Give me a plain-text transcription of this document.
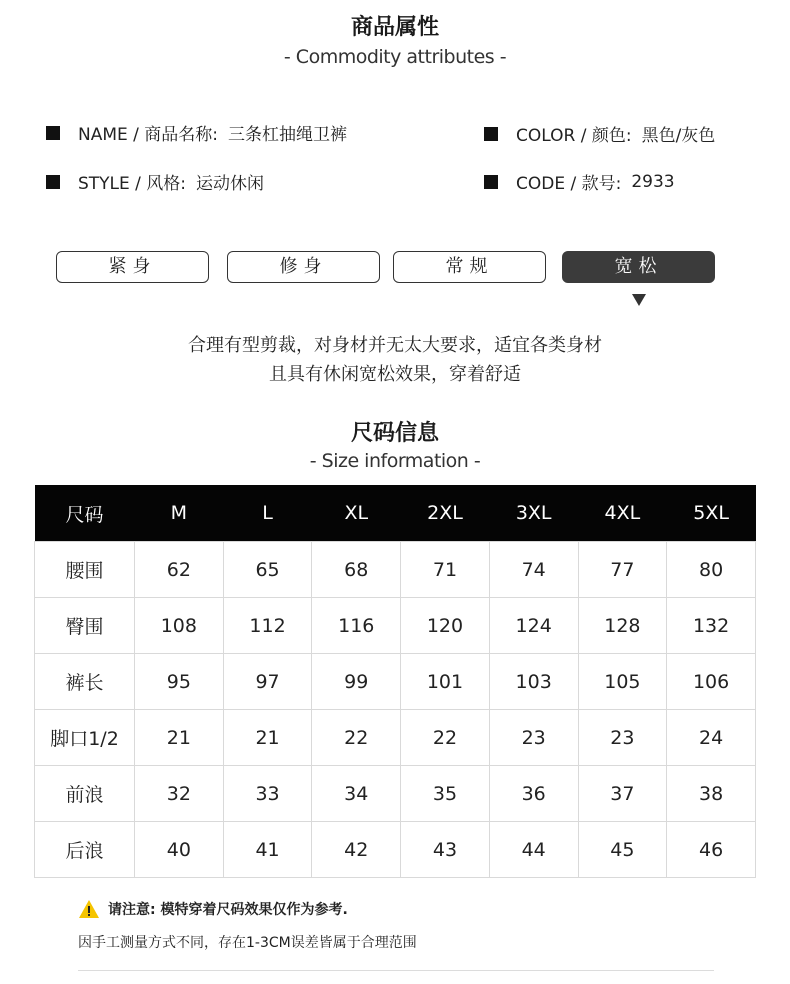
商品属性
- Commodity attributes -
NAME / 商品名称: 三条杠抽绳卫裤	COLOR / 颜色: 黑色/灰色
STYLE / 风格: 运动休闲	CODE / 款号: 2933
紧身	修身	常规	宽松
合理有型剪裁，对身材并无太大要求，适宜各类身材
且具有休闲宽松效果，穿着舒适
尺码信息
- Size information -
尺码	M	L	XL	2XL	3XL	4XL	5XL
腰围	62	65	68	71	74	77	80
臀围	108	112	116	120	124	128	132
裤长	95	97	99	101	103	105	106
脚口1/2	21	21	22	22	23	23	24
前浪	32	33	34	35	36	37	38
后浪	40	41	42	43	44	45	46
请注意: 模特穿着尺码效果仅作为参考.
因手工测量方式不同，存在1-3CM误差皆属于合理范围
